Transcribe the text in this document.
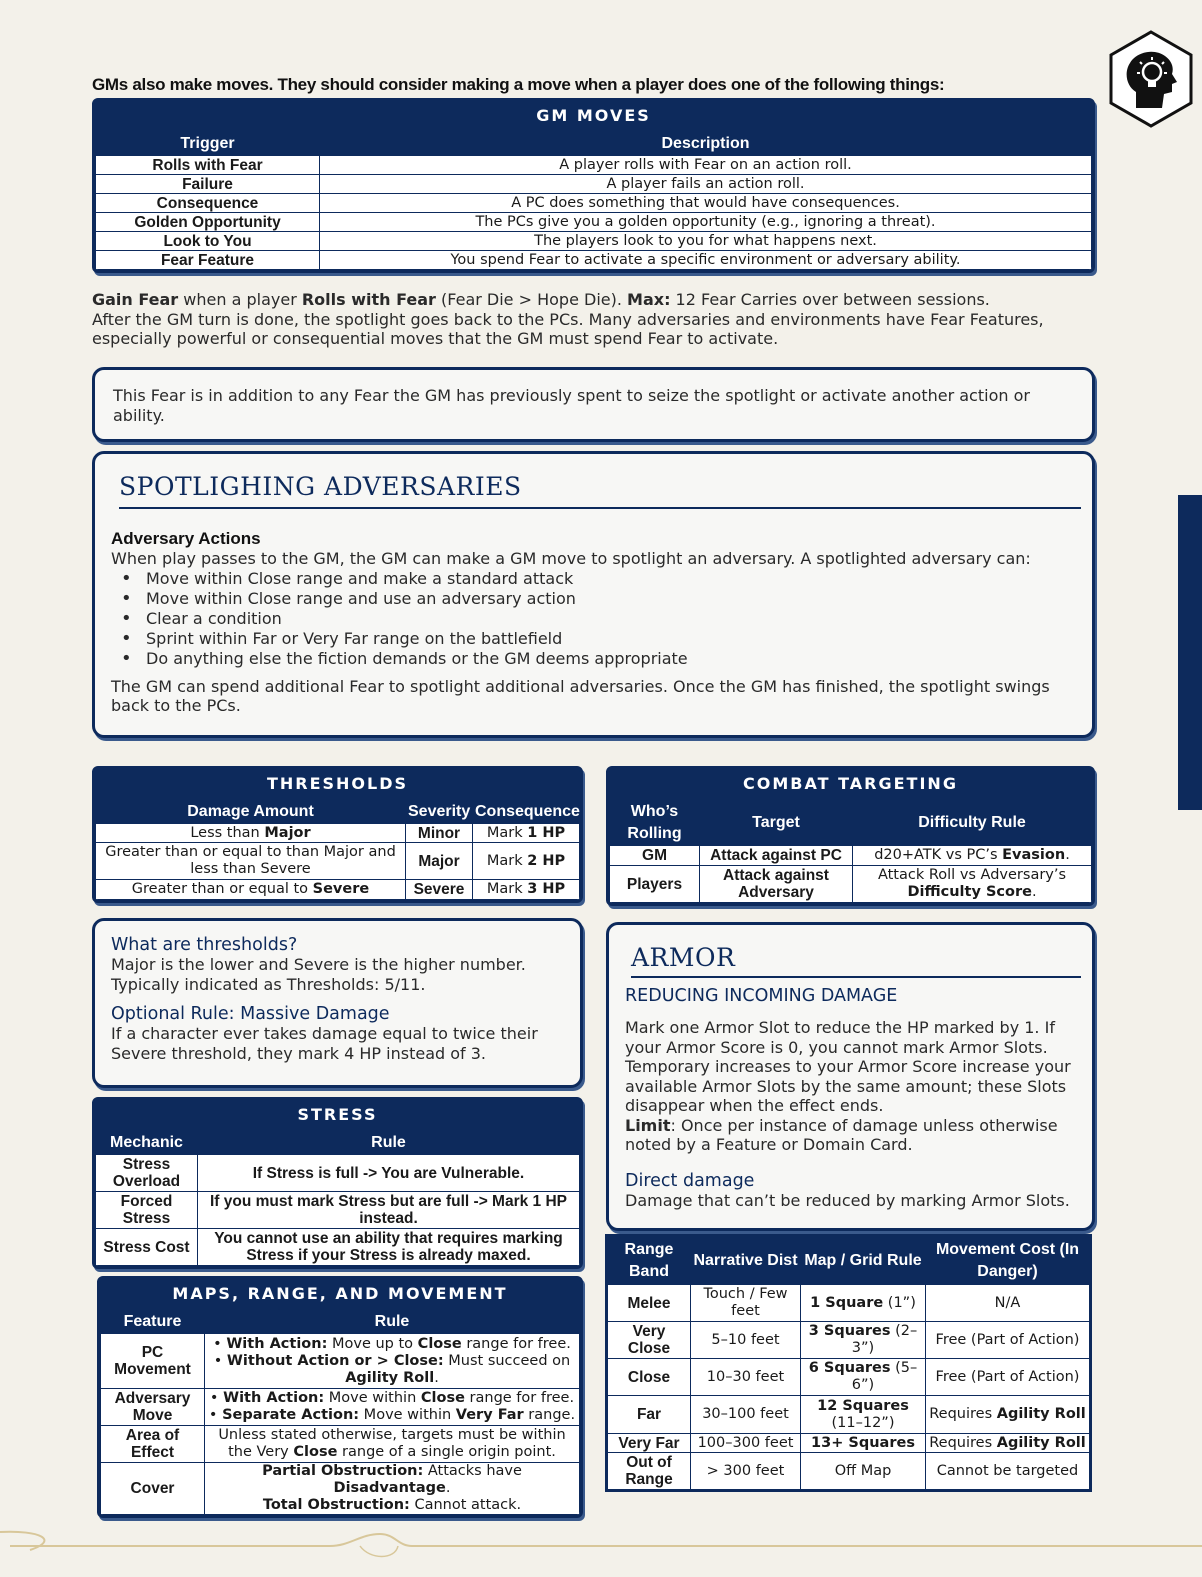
GMs also make moves. They should consider making a move when a player does one of the following things:
GM MOVES
Trigger	Description
Rolls with Fear	A player rolls with Fear on an action roll.
Failure	A player fails an action roll.
Consequence	A PC does something that would have consequences.
Golden Opportunity	The PCs give you a golden opportunity (e.g., ignoring a threat).
Look to You	The players look to you for what happens next.
Fear Feature	You spend Fear to activate a specific environment or adversary ability.
Gain Fear when a player Rolls with Fear (Fear Die > Hope Die). Max: 12 Fear Carries over between sessions.
After the GM turn is done, the spotlight goes back to the PCs. Many adversaries and environments have Fear Features, especially powerful or consequential moves that the GM must spend Fear to activate.
This Fear is in addition to any Fear the GM has previously spent to seize the spotlight or activate another action or ability.
SPOTLIGHING ADVERSARIES
Adversary Actions
When play passes to the GM, the GM can make a GM move to spotlight an adversary. A spotlighted adversary can:
• Move within Close range and make a standard attack
• Move within Close range and use an adversary action
• Clear a condition
• Sprint within Far or Very Far range on the battlefield
• Do anything else the fiction demands or the GM deems appropriate
The GM can spend additional Fear to spotlight additional adversaries. Once the GM has finished, the spotlight swings back to the PCs.
THRESHOLDS
Damage Amount	Severity	Consequence
Less than Major	Minor	Mark 1 HP
Greater than or equal to than Major and less than Severe	Major	Mark 2 HP
Greater than or equal to Severe	Severe	Mark 3 HP
COMBAT TARGETING
Who’s Rolling	Target	Difficulty Rule
GM	Attack against PC	d20+ATK vs PC’s Evasion.
Players	Attack against Adversary	Attack Roll vs Adversary’s Difficulty Score.
What are thresholds?
Major is the lower and Severe is the higher number. Typically indicated as Thresholds: 5/11.
Optional Rule: Massive Damage
If a character ever takes damage equal to twice their Severe threshold, they mark 4 HP instead of 3.
ARMOR
REDUCING INCOMING DAMAGE
Mark one Armor Slot to reduce the HP marked by 1. If your Armor Score is 0, you cannot mark Armor Slots. Temporary increases to your Armor Score increase your available Armor Slots by the same amount; these Slots disappear when the effect ends.
Limit: Once per instance of damage unless otherwise noted by a Feature or Domain Card.
Direct damage
Damage that can’t be reduced by marking Armor Slots.
STRESS
Mechanic	Rule
Stress Overload	If Stress is full -> You are Vulnerable.
Forced Stress	If you must mark Stress but are full -> Mark 1 HP instead.
Stress Cost	You cannot use an ability that requires marking Stress if your Stress is already maxed.
MAPS, RANGE, AND MOVEMENT
Feature	Rule
PC Movement	• With Action: Move up to Close range for free.
• Without Action or > Close: Must succeed on Agility Roll.

Adversary Move	• With Action: Move within Close range for free.
• Separate Action: Move within Very Far range.

Area of Effect	Unless stated otherwise, targets must be within the Very Close range of a single origin point.
Cover	Partial Obstruction: Attacks have Disadvantage.
Total Obstruction: Cannot attack.
Range Band	Narrative Dist	Map / Grid Rule	Movement Cost (In Danger)
Melee	Touch / Few feet	1 Square (1”)	N/A
Very Close	5–10 feet	3 Squares (2–3”)	Free (Part of Action)
Close	10–30 feet	6 Squares (5–6”)	Free (Part of Action)
Far	30–100 feet	12 Squares (11–12”)	Requires Agility Roll
Very Far	100–300 feet	13+ Squares	Requires Agility Roll
Out of Range	> 300 feet	Off Map	Cannot be targeted
